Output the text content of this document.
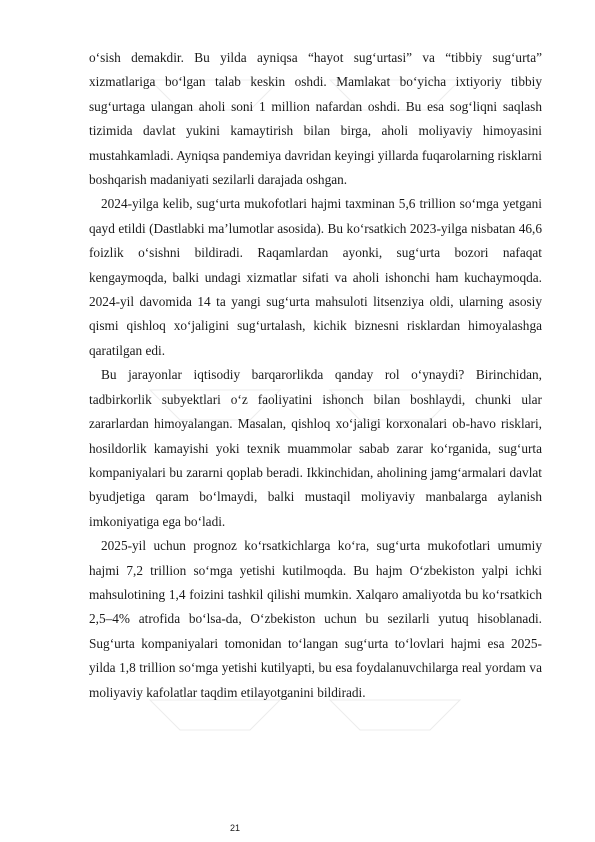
o‘sish demakdir. Bu yilda ayniqsa “hayot sug‘urtasi” va “tibbiy sug‘urta” xizmatlariga bo‘lgan talab keskin oshdi. Mamlakat bo‘yicha ixtiyoriy tibbiy sug‘urtaga ulangan aholi soni 1 million nafardan oshdi. Bu esa sog‘liqni saqlash tizimida davlat yukini kamaytirish bilan birga, aholi moliyaviy himoyasini mustahkamladi. Ayniqsa pandemiya davridan keyingi yillarda fuqarolarning risklarni boshqarish madaniyati sezilarli darajada oshgan.

2024-yilga kelib, sug‘urta mukofotlari hajmi taxminan 5,6 trillion so‘mga yetgani qayd etildi (Dastlabki ma’lumotlar asosida). Bu ko‘rsatkich 2023-yilga nisbatan 46,6 foizlik o‘sishni bildiradi. Raqamlardan ayonki, sug‘urta bozori nafaqat kengaymoqda, balki undagi xizmatlar sifati va aholi ishonchi ham kuchaymoqda. 2024-yil davomida 14 ta yangi sug‘urta mahsuloti litsenziya oldi, ularning asosiy qismi qishloq xo‘jaligini sug‘urtalash, kichik biznesni risklardan himoyalashga qaratilgan edi.

Bu jarayonlar iqtisodiy barqarorlikda qanday rol o‘ynaydi? Birinchidan, tadbirkorlik subyektlari o‘z faoliyatini ishonch bilan boshlaydi, chunki ular zararlardan himoyalangan. Masalan, qishloq xo‘jaligi korxonalari ob-havo risklari, hosildorlik kamayishi yoki texnik muammolar sabab zarar ko‘rganida, sug‘urta kompaniyalari bu zararni qoplab beradi. Ikkinchidan, aholining jamg‘armalari davlat byudjetiga qaram bo‘lmaydi, balki mustaqil moliyaviy manbalarga aylanish imkoniyatiga ega bo‘ladi.

2025-yil uchun prognoz ko‘rsatkichlarga ko‘ra, sug‘urta mukofotlari umumiy hajmi 7,2 trillion so‘mga yetishi kutilmoqda. Bu hajm O‘zbekiston yalpi ichki mahsulotining 1,4 foizini tashkil qilishi mumkin. Xalqaro amaliyotda bu ko‘rsatkich 2,5–4% atrofida bo‘lsa-da, O‘zbekiston uchun bu sezilarli yutuq hisoblanadi. Sug‘urta kompaniyalari tomonidan to‘langan sug‘urta to‘lovlari hajmi esa 2025-yilda 1,8 trillion so‘mga yetishi kutilyapti, bu esa foydalanuvchilarga real yordam va moliyaviy kafolatlar taqdim etilayotganini bildiradi.

21
